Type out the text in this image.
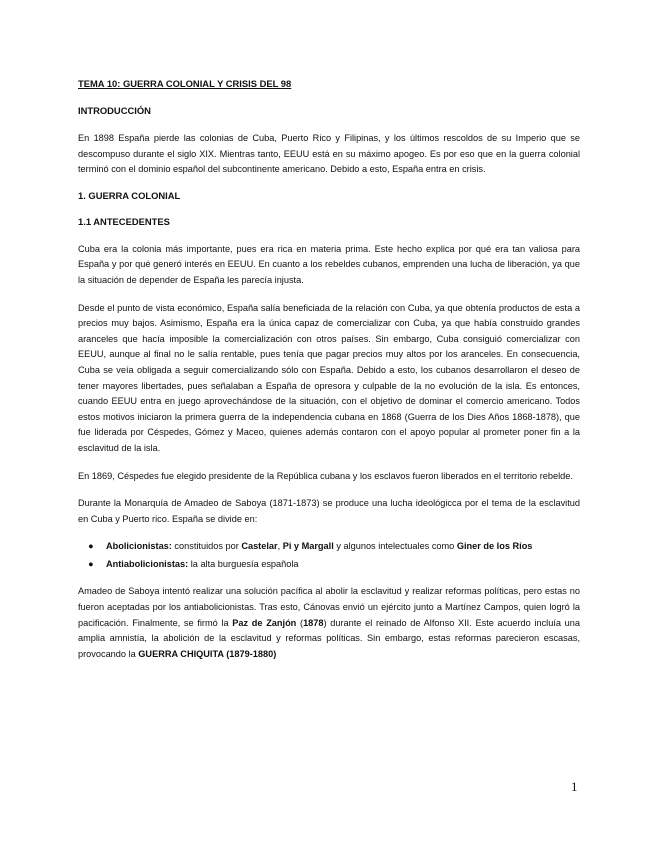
TEMA 10: GUERRA COLONIAL Y CRISIS DEL 98
INTRODUCCIÓN

En 1898 España pierde las colonias de Cuba, Puerto Rico y Filipinas, y los últimos rescoldos de su Imperio que se descompuso durante el siglo XIX. Mientras tanto, EEUU está en su máximo apogeo. Es por eso que en la guerra colonial terminó con el dominio español del subcontinente americano. Debido a esto, España entra en crisis.

1. GUERRA COLONIAL
1.1 ANTECEDENTES

Cuba era la colonia más importante, pues era rica en materia prima. Este hecho explica por qué era tan valiosa para España y por qué generó interés en EEUU. En cuanto a los rebeldes cubanos, emprenden una lucha de liberación, ya que la situación de depender de España les parecía injusta.

Desde el punto de vista económico, España salía beneficiada de la relación con Cuba, ya que obtenía productos de esta a precios muy bajos. Asimismo, España era la única capaz de comercializar con Cuba, ya que había construido grandes aranceles que hacía imposible la comercialización con otros países. Sin embargo, Cuba consiguió comercializar con EEUU, aunque al final no le salía rentable, pues tenía que pagar precios muy altos por los aranceles. En consecuencia, Cuba se veía obligada a seguir comercializando sólo con España. Debido a esto, los cubanos desarrollaron el deseo de tener mayores libertades, pues señalaban a España de opresora y culpable de la no evolución de la isla. Es entonces, cuando EEUU entra en juego aprovechándose de la situación, con el objetivo de dominar el comercio americano. Todos estos motivos iniciaron la primera guerra de la independencia cubana en 1868 (Guerra de los Dies Años 1868-1878), que fue liderada por Céspedes, Gómez y Maceo, quienes además contaron con el apoyo popular al prometer poner fin a la esclavitud de la isla.

En 1869, Céspedes fue elegido presidente de la República cubana y los esclavos fueron liberados en el territorio rebelde.

Durante la Monarquía de Amadeo de Saboya (1871-1873) se produce una lucha ideológicca por el tema de la esclavitud en Cuba y Puerto rico. España se divide en:

● Abolicionistas: constituidos por Castelar, Pi y Margall y algunos intelectuales como Giner de los Ríos
● Antiabolicionistas: la alta burguesía española

Amadeo de Saboya intentó realizar una solución pacífica al abolir la esclavitud y realizar reformas políticas, pero estas no fueron aceptadas por los antiabolicionistas. Tras esto, Cánovas envió un ejército junto a Martínez Campos, quien logró la pacificación. Finalmente, se firmó la Paz de Zanjón (1878) durante el reinado de Alfonso XII. Este acuerdo incluía una amplia amnistía, la abolición de la esclavitud y reformas políticas. Sin embargo, estas reformas parecieron escasas, provocando la GUERRA CHIQUITA (1879-1880)

1
